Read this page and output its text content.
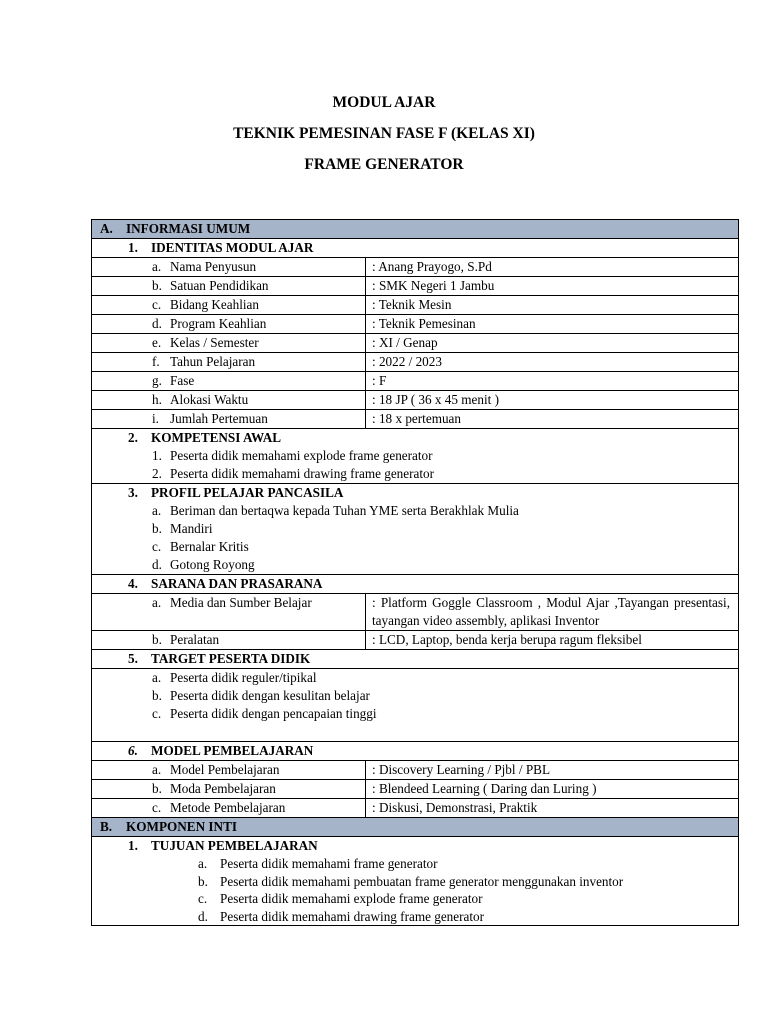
MODUL AJAR
TEKNIK PEMESINAN FASE F (KELAS XI)
FRAME GENERATOR
A. INFORMASI UMUM	
1. IDENTITAS MODUL AJAR	
a. Nama Penyusun	: Anang Prayogo, S.Pd
b. Satuan Pendidikan	: SMK Negeri 1 Jambu
c. Bidang Keahlian	: Teknik Mesin
d. Program Keahlian	: Teknik Pemesinan
e. Kelas / Semester	: XI / Genap
f. Tahun Pelajaran	: 2022 / 2023
g. Fase	: F
h. Alokasi Waktu	: 18 JP ( 36 x 45 menit )
i. Jumlah Pertemuan	: 18 x pertemuan

2. KOMPETENSI AWAL
1. Peserta didik memahami explode frame generator
2. Peserta didik memahami drawing frame generator	

3. PROFIL PELAJAR PANCASILA
a. Beriman dan bertaqwa kepada Tuhan YME serta Berakhlak Mulia
b. Mandiri
c. Bernalar Kritis
d. Gotong Royong	

4. SARANA DAN PRASARANA	
a. Media dan Sumber Belajar	: Platform Goggle Classroom , Modul Ajar ,Tayangan presentasi, tayangan video assembly, aplikasi Inventor
b. Peralatan	: LCD, Laptop, benda kerja berupa ragum fleksibel
5. TARGET PESERTA DIDIK	

a. Peserta didik reguler/tipikal
b. Peserta didik dengan kesulitan belajar
c. Peserta didik dengan pencapaian tinggi	

6. MODEL PEMBELAJARAN	
a. Model Pembelajaran	: Discovery Learning / Pjbl / PBL
b. Moda Pembelajaran	: Blendeed Learning ( Daring dan Luring )
c. Metode Pembelajaran	: Diskusi, Demonstrasi, Praktik
B. KOMPONEN INTI	

1. TUJUAN PEMBELAJARAN
a. Peserta didik memahami frame generator
b. Peserta didik memahami pembuatan frame generator menggunakan inventor
c. Peserta didik memahami explode frame generator
d. Peserta didik memahami drawing frame generator	
